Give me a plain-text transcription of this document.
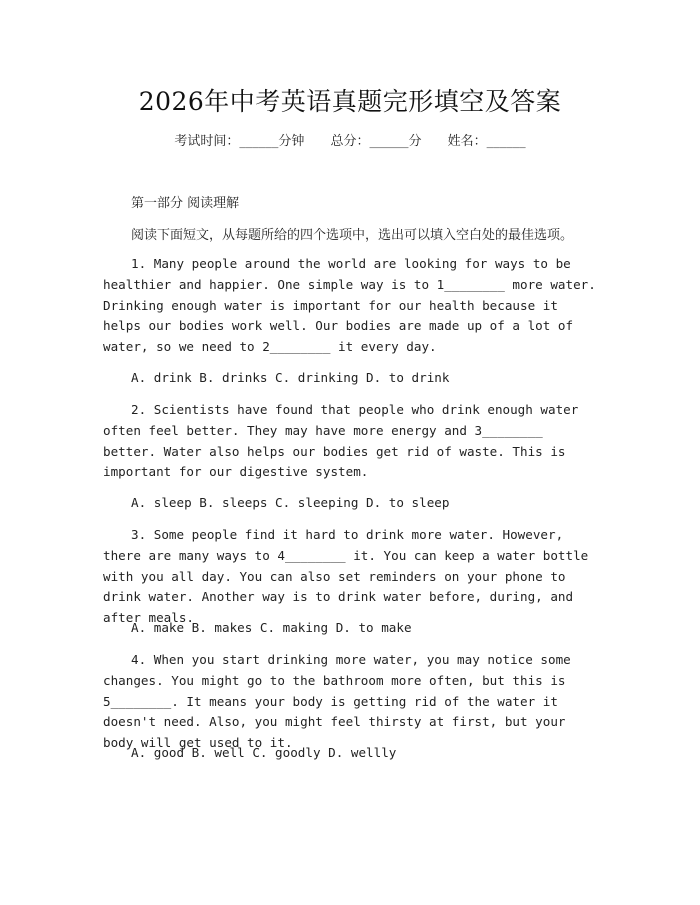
2026年中考英语真题完形填空及答案
考试时间：______分钟 总分：______分 姓名：______
第一部分 阅读理解
阅读下面短文，从每题所给的四个选项中，选出可以填入空白处的最佳选项。
1. Many people around the world are looking for ways to be healthier and happier. One simple way is to 1________ more water. Drinking enough water is important for our health because it helps our bodies work well. Our bodies are made up of a lot of water, so we need to 2________ it every day.
A. drink B. drinks C. drinking D. to drink
2. Scientists have found that people who drink enough water often feel better. They may have more energy and 3________ better. Water also helps our bodies get rid of waste. This is important for our digestive system.
A. sleep B. sleeps C. sleeping D. to sleep
3. Some people find it hard to drink more water. However, there are many ways to 4________ it. You can keep a water bottle with you all day. You can also set reminders on your phone to drink water. Another way is to drink water before, during, and after meals.
A. make B. makes C. making D. to make
4. When you start drinking more water, you may notice some changes. You might go to the bathroom more often, but this is 5________. It means your body is getting rid of the water it doesn't need. Also, you might feel thirsty at first, but your body will get used to it.
A. good B. well C. goodly D. wellly
